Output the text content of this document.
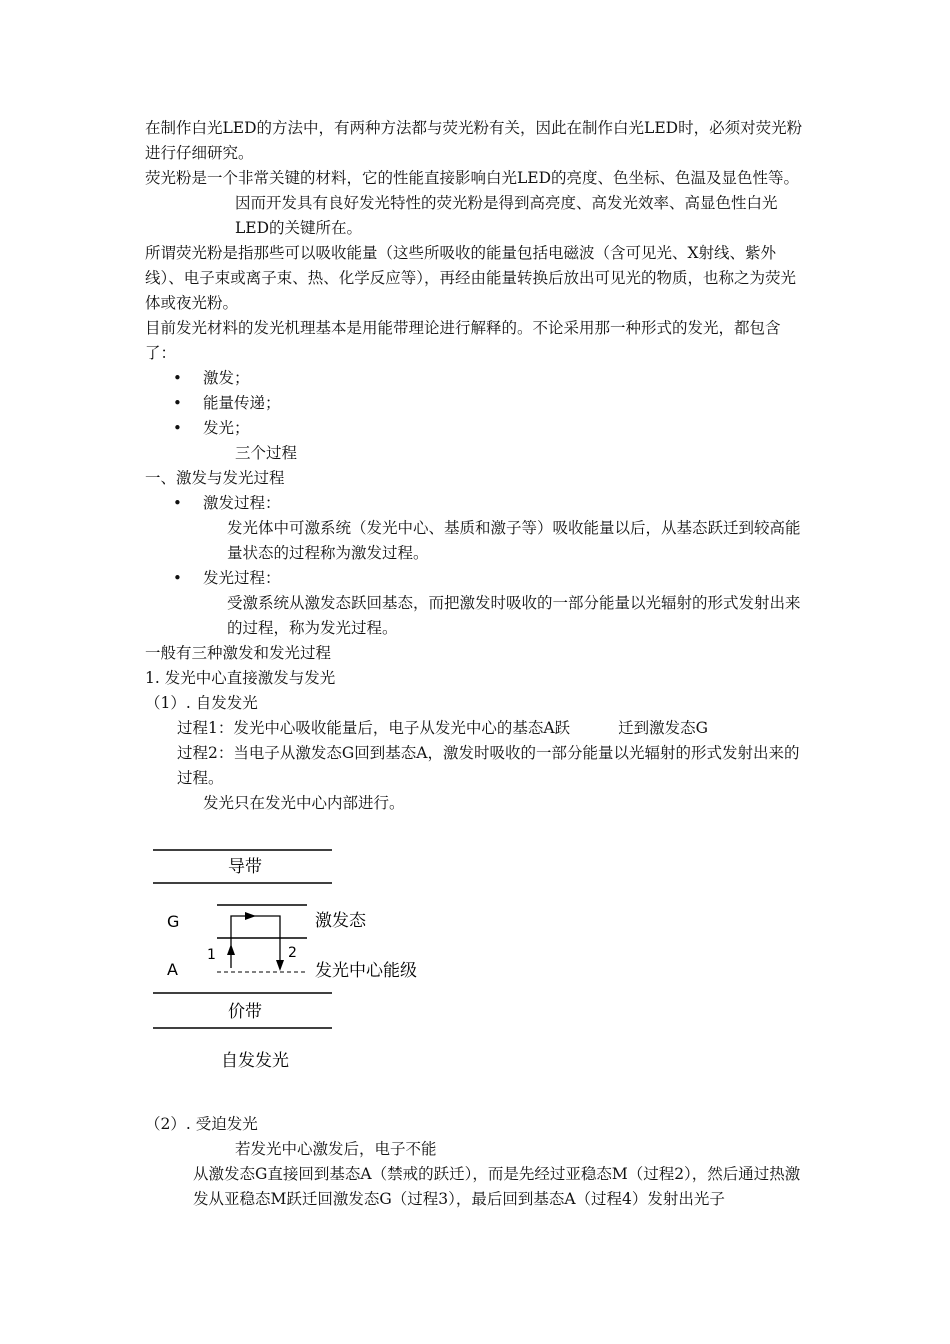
在制作白光LED的方法中，有两种方法都与荧光粉有关，因此在制作白光LED时，必须对荧光粉进行仔细研究。

荧光粉是一个非常关键的材料，它的性能直接影响白光LED的亮度、色坐标、色温及显色性等。

因而开发具有良好发光特性的荧光粉是得到高亮度、高发光效率、高显色性白光LED的关键所在。

所谓荧光粉是指那些可以吸收能量（这些所吸收的能量包括电磁波（含可见光、X射线、紫外线）、电子束或离子束、热、化学反应等），再经由能量转换后放出可见光的物质，也称之为荧光体或夜光粉。

目前发光材料的发光机理基本是用能带理论进行解释的。不论采用那一种形式的发光，都包含了：

• 激发；
• 能量传递；
• 发光；

三个过程

一、激发与发光过程

• 激发过程：

发光体中可激系统（发光中心、基质和激子等）吸收能量以后，从基态跃迁到较高能量状态的过程称为激发过程。

• 发光过程：

受激系统从激发态跃回基态，而把激发时吸收的一部分能量以光辐射的形式发射出来的过程，称为发光过程。

一般有三种激发和发光过程

1. 发光中心直接激发与发光

（1）. 自发发光

过程1：发光中心吸收能量后，电子从发光中心的基态A跃	迁到激发态G

过程2：当电子从激发态G回到基态A，激发时吸收的一部分能量以光辐射的形式发射出来的过程。

发光只在发光中心内部进行。

导带
价带
G
A
激发态
发光中心能级
1	2
自发发光

（2）. 受迫发光

若发光中心激发后，电子不能

从激发态G直接回到基态A（禁戒的跃迁），而是先经过亚稳态M（过程2），然后通过热激发从亚稳态M跃迁回激发态G（过程3），最后回到基态A（过程4）发射出光子
